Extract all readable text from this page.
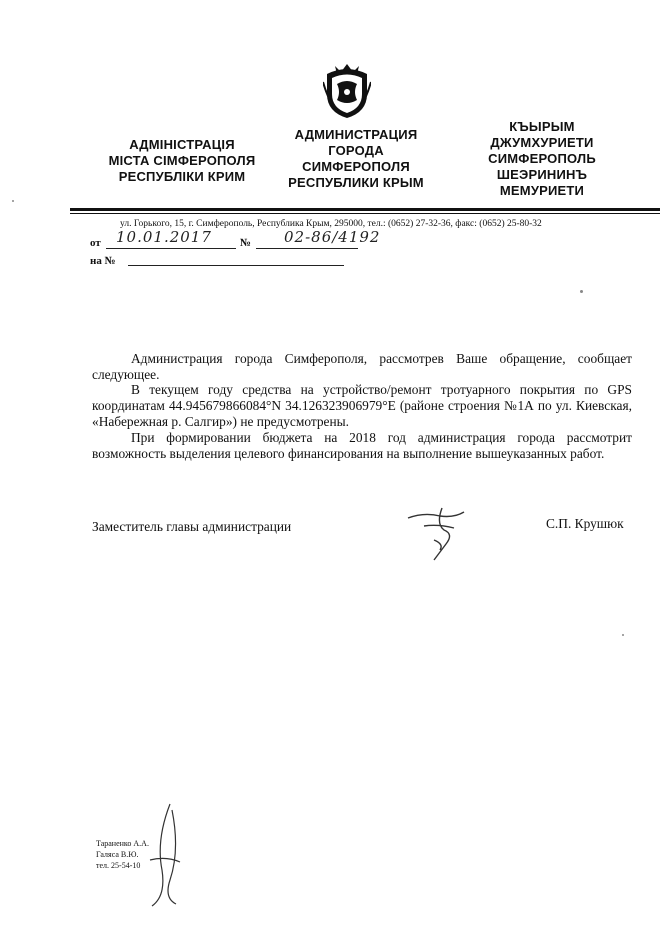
АДМІНІСТРАЦІЯ
МІСТА СІМФЕРОПОЛЯ
РЕСПУБЛІКИ КРИМ
АДМИНИСТРАЦИЯ
ГОРОДА
СИМФЕРОПОЛЯ
РЕСПУБЛИКИ КРЫМ
КЪЫРЫМ
ДЖУМХУРИЕТИ
СИМФЕРОПОЛЬ
ШЕЭРИНИНЪ
МЕМУРИЕТИ
ул. Горького, 15, г. Симферополь, Республика Крым, 295000, тел.: (0652) 27-32-36, факс: (0652) 25-80-32
от 10.01.2017	№ 02-86/4192
на №
Администрация города Симферополя, рассмотрев Ваше обращение, сообщает следующее.
В текущем году средства на устройство/ремонт тротуарного покрытия по GPS координатам 44.945679866084°N 34.126323906979°E (районе строения №1А по ул. Киевская, «Набережная р. Салгир») не предусмотрены.
При формировании бюджета на 2018 год администрация города рассмотрит возможность выделения целевого финансирования на выполнение вышеуказанных работ.
Заместитель главы администрации	С.П. Крушюк
Тараненко А.А.
Галяса В.Ю.
тел. 25-54-10
